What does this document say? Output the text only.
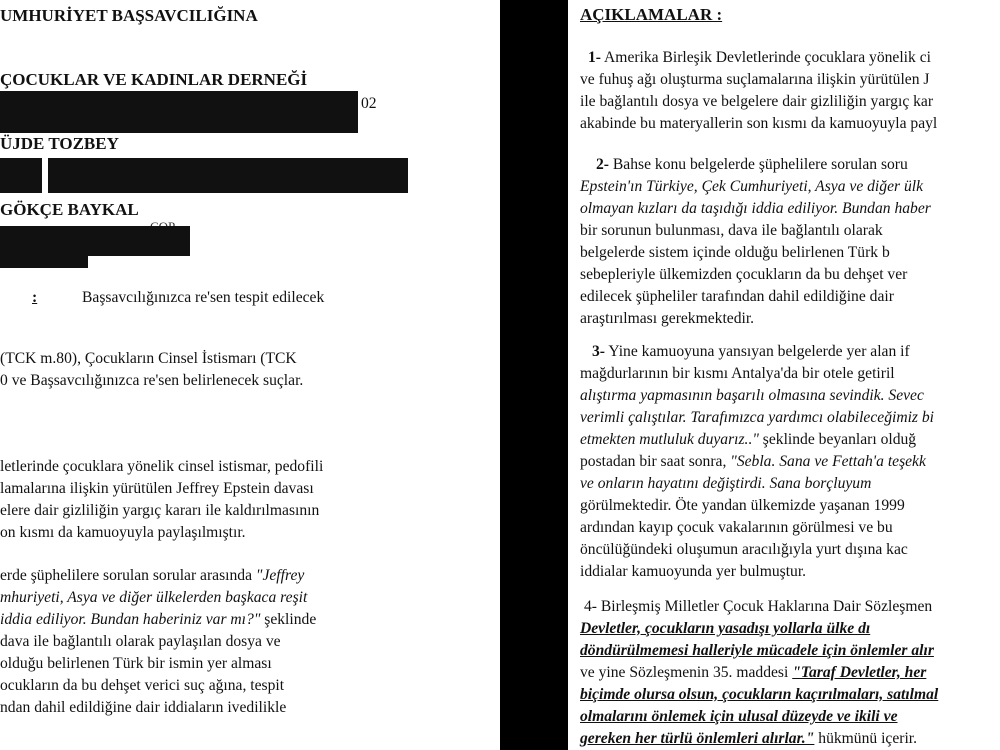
UMHURİYET BAŞSAVCILIĞINA
ÇOCUKLAR VE KADINLAR DERNEĞİ
02
ÜJDE TOZBEY
GÖKÇE BAYKAL
:	Başsavcılığınızca re'sen tespit edilecek
(TCK m.80), Çocukların Cinsel İstismarı (TCK
0 ve Başsavcılığınızca re'sen belirlenecek suçlar.
letlerinde çocuklara yönelik cinsel istismar, pedofili
lamalarına ilişkin yürütülen Jeffrey Epstein davası
elere dair gizliliğin yargıç kararı ile kaldırılmasının
on kısmı da kamuoyuyla paylaşılmıştır.
erde şüphelilere sorulan sorular arasında "Jeffrey
mhuriyeti, Asya ve diğer ülkelerden başkaca reşit
iddia ediliyor. Bundan haberiniz var mı?" şeklinde
dava ile bağlantılı olarak paylaşılan dosya ve
olduğu belirlenen Türk bir ismin yer alması
ocukların da bu dehşet verici suç ağına, tespit
ndan dahil edildiğine dair iddiaların ivedilikle
AÇIKLAMALAR :
1- Amerika Birleşik Devletlerinde çocuklara yönelik ci
ve fuhuş ağı oluşturma suçlamalarına ilişkin yürütülen J
ile bağlantılı dosya ve belgelere dair gizliliğin yargıç kar
akabinde bu materyallerin son kısmı da kamuoyuyla payl
2- Bahse konu belgelerde şüphelilere sorulan soru
Epstein'ın Türkiye, Çek Cumhuriyeti, Asya ve diğer ülk
olmayan kızları da taşıdığı iddia ediliyor. Bundan haber
bir sorunun bulunması, dava ile bağlantılı olarak
belgelerde sistem içinde olduğu belirlenen Türk b
sebepleriyle ülkemizden çocukların da bu dehşet ver
edilecek şüpheliler tarafından dahil edildiğine dair
araştırılması gerekmektedir.
3- Yine kamuoyuna yansıyan belgelerde yer alan if
mağdurlarının bir kısmı Antalya'da bir otele getiril
alıştırma yapmasının başarılı olmasına sevindik. Sevec
verimli çalıştılar. Tarafımızca yardımcı olabileceğimiz bi
etmekten mutluluk duyarız.." şeklinde beyanları olduğ
postadan bir saat sonra, "Sebla. Sana ve Fettah'a teşekk
ve onların hayatını değiştirdi. Sana borçluyum
görülmektedir. Öte yandan ülkemizde yaşanan 1999
ardından kayıp çocuk vakalarının görülmesi ve bu
öncülüğündeki oluşumun aracılığıyla yurt dışına kac
iddialar kamuoyunda yer bulmuştur.
4- Birleşmiş Milletler Çocuk Haklarına Dair Sözleşmen
Devletler, çocukların yasadışı yollarla ülke dı
döndürülmemesi halleriyle mücadele için önlemler alır
ve yine Sözleşmenin 35. maddesi "Taraf Devletler, her
biçimde olursa olsun, çocukların kaçırılmaları, satılmal
olmalarını önlemek için ulusal düzeyde ve ikili ve
gereken her türlü önlemleri alırlar." hükmünü içerir.
